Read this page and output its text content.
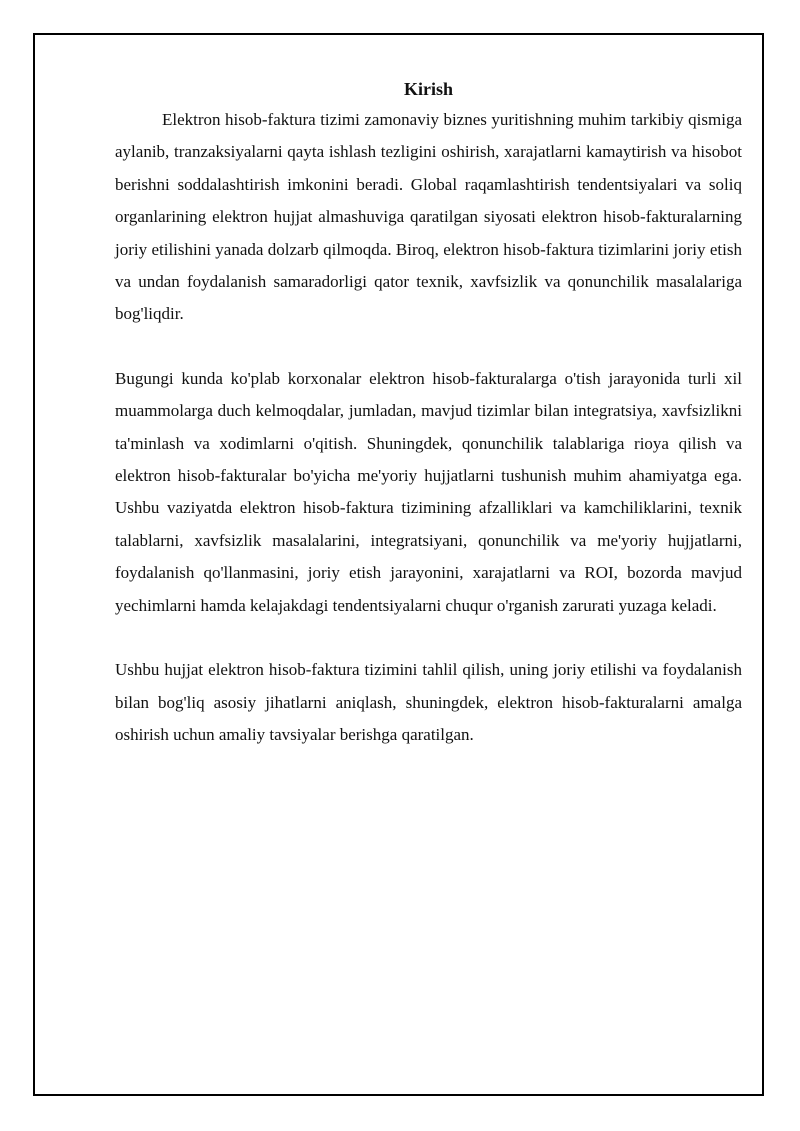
Kirish

Elektron hisob-faktura tizimi zamonaviy biznes yuritishning muhim tarkibiy qismiga aylanib, tranzaksiyalarni qayta ishlash tezligini oshirish, xarajatlarni kamaytirish va hisobot berishni soddalashtirish imkonini beradi. Global raqamlashtirish tendentsiyalari va soliq organlarining elektron hujjat almashuviga qaratilgan siyosati elektron hisob-fakturalarning joriy etilishini yanada dolzarb qilmoqda. Biroq, elektron hisob-faktura tizimlarini joriy etish va undan foydalanish samaradorligi qator texnik, xavfsizlik va qonunchilik masalalariga bog'liqdir.

Bugungi kunda ko'plab korxonalar elektron hisob-fakturalarga o'tish jarayonida turli xil muammolarga duch kelmoqdalar, jumladan, mavjud tizimlar bilan integratsiya, xavfsizlikni ta'minlash va xodimlarni o'qitish. Shuningdek, qonunchilik talablariga rioya qilish va elektron hisob-fakturalar bo'yicha me'yoriy hujjatlarni tushunish muhim ahamiyatga ega. Ushbu vaziyatda elektron hisob-faktura tizimining afzalliklari va kamchiliklarini, texnik talablarni, xavfsizlik masalalarini, integratsiyani, qonunchilik va me'yoriy hujjatlarni, foydalanish qo'llanmasini, joriy etish jarayonini, xarajatlarni va ROI, bozorda mavjud yechimlarni hamda kelajakdagi tendentsiyalarni chuqur o'rganish zarurati yuzaga keladi.

Ushbu hujjat elektron hisob-faktura tizimini tahlil qilish, uning joriy etilishi va foydalanish bilan bog'liq asosiy jihatlarni aniqlash, shuningdek, elektron hisob-fakturalarni amalga oshirish uchun amaliy tavsiyalar berishga qaratilgan.
